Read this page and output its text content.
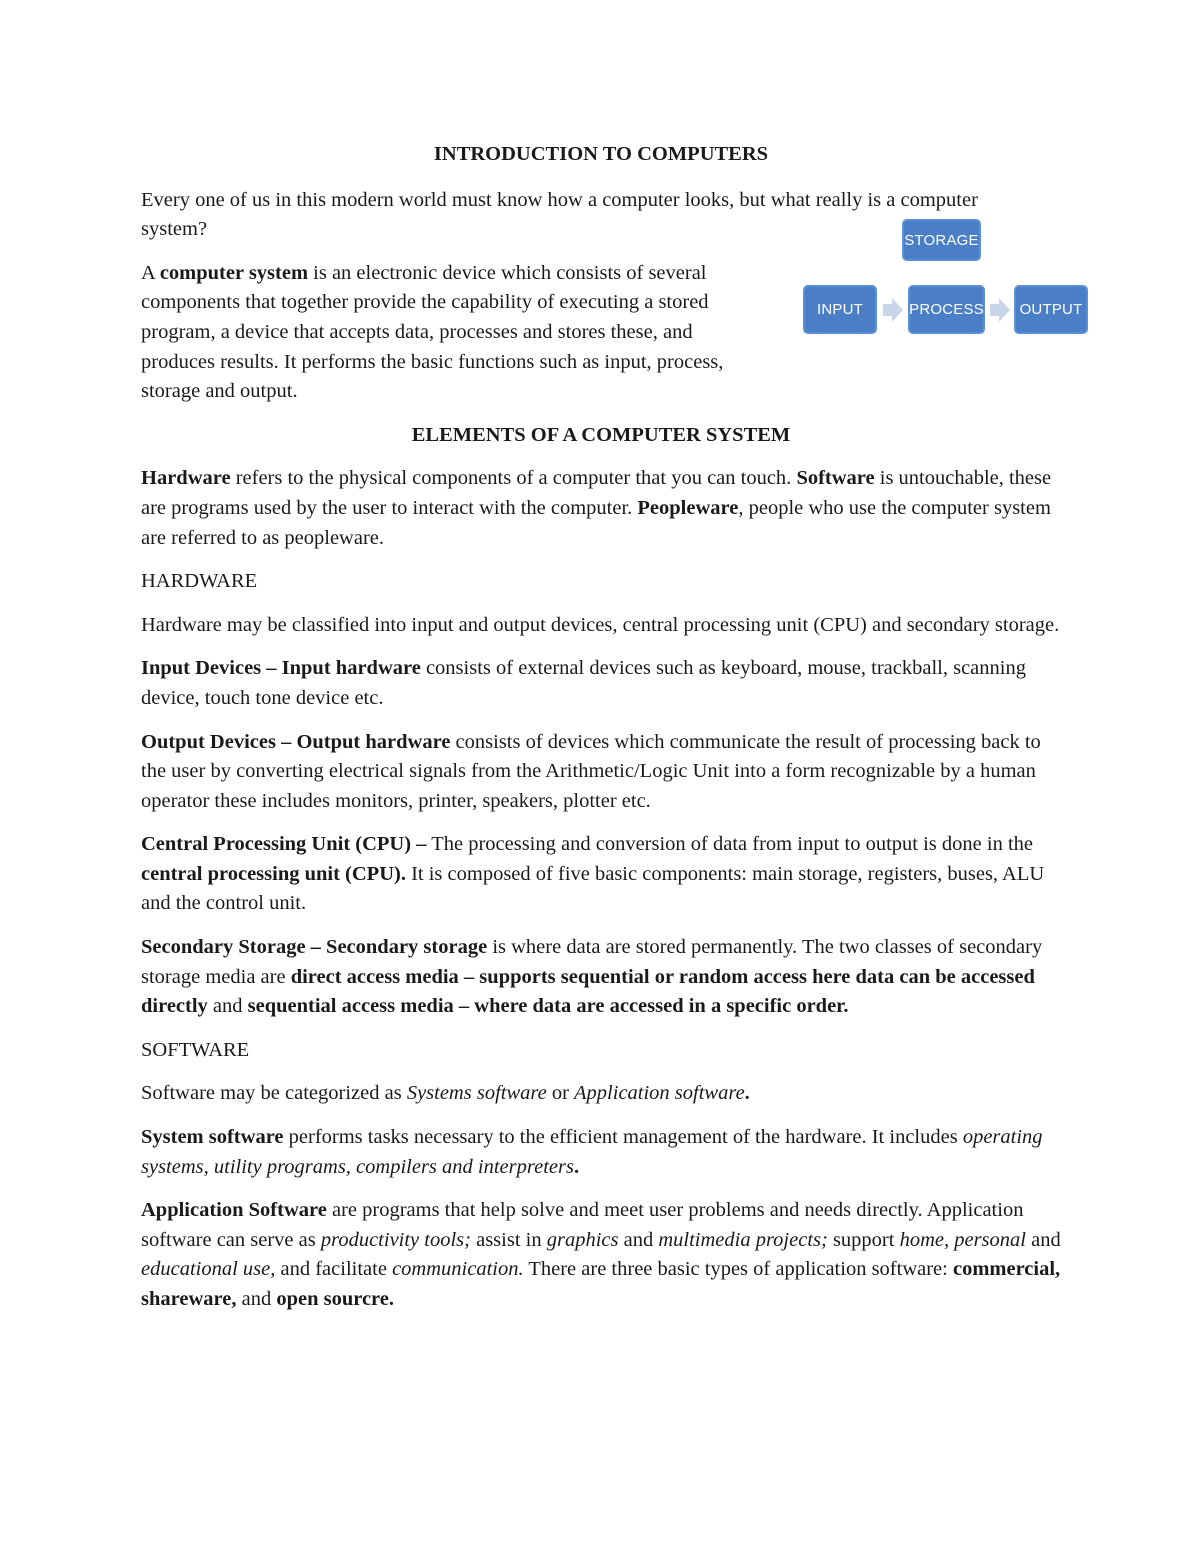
INTRODUCTION TO COMPUTERS

Every one of us in this modern world must know how a computer looks, but what really is a computer system?

A computer system is an electronic device which consists of several components that together provide the capability of executing a stored program, a device that accepts data, processes and stores these, and produces results. It performs the basic functions such as input, process, storage and output.

ELEMENTS OF A COMPUTER SYSTEM

Hardware refers to the physical components of a computer that you can touch. Software is untouchable, these are programs used by the user to interact with the computer. Peopleware, people who use the computer system are referred to as peopleware.

HARDWARE

Hardware may be classified into input and output devices, central processing unit (CPU) and secondary storage.

Input Devices – Input hardware consists of external devices such as keyboard, mouse, trackball, scanning device, touch tone device etc.

Output Devices – Output hardware consists of devices which communicate the result of processing back to the user by converting electrical signals from the Arithmetic/Logic Unit into a form recognizable by a human operator these includes monitors, printer, speakers, plotter etc.

Central Processing Unit (CPU) – The processing and conversion of data from input to output is done in the central processing unit (CPU). It is composed of five basic components: main storage, registers, buses, ALU and the control unit.

Secondary Storage – Secondary storage is where data are stored permanently. The two classes of secondary storage media are direct access media – supports sequential or random access here data can be accessed directly and sequential access media – where data are accessed in a specific order.

SOFTWARE

Software may be categorized as Systems software or Application software.

System software performs tasks necessary to the efficient management of the hardware. It includes operating systems, utility programs, compilers and interpreters.

Application Software are programs that help solve and meet user problems and needs directly. Application software can serve as productivity tools; assist in graphics and multimedia projects; support home, personal and educational use, and facilitate communication. There are three basic types of application software: commercial, shareware, and open sourcre.

STORAGE
INPUT	PROCESS	OUTPUT
